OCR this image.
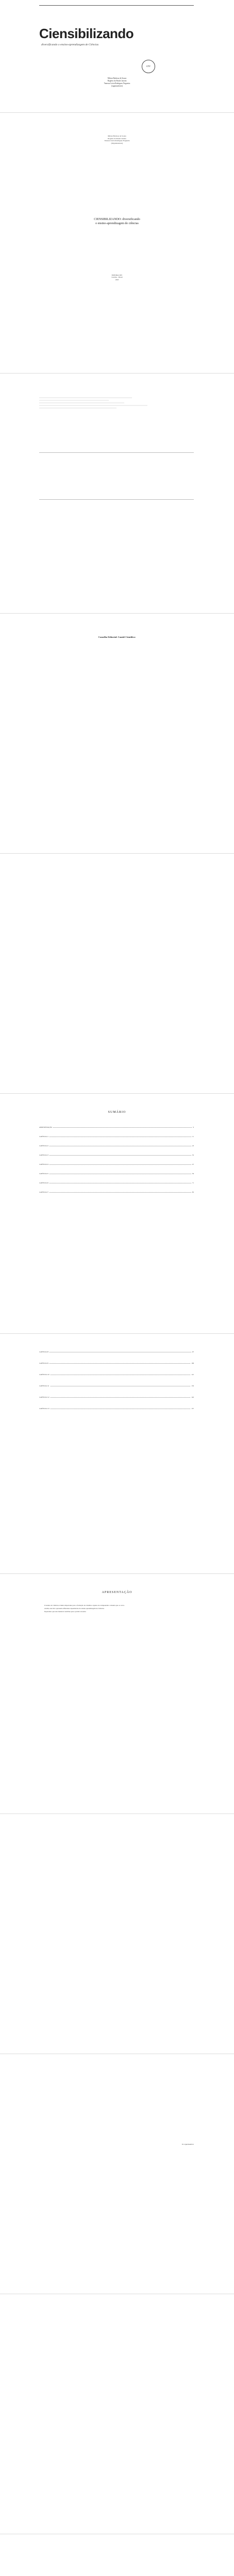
Ciensibilizando
diversificando o ensino-aprendizagem de Ciências
crv
Mírian Barbosa de Souza
Rogério da Paula Caixeta
Vanessa Lúcia Rodrigues Nogueira
(organizadores)
Mírian Barbosa de Souza
Rogério da Paula Caixeta
Vanessa Lúcia Rodrigues Nogueira
(Organizadores)
CIENSIBILIZANDO: diversificando
o ensino-aprendizagem de ciências
EDITORA CRV
Curitiba – Brasil
2020
Conselho Editorial: Comitê Científico:
SUMÁRIO
APRESENTAÇÃO	9
CAPÍTULO 1	11
CAPÍTULO 2	23
CAPÍTULO 3	35
CAPÍTULO 4	47
CAPÍTULO 5	59
CAPÍTULO 6	71
CAPÍTULO 7	85
CAPÍTULO 8	97
CAPÍTULO 9	109
CAPÍTULO 10	121
CAPÍTULO 11	133
CAPÍTULO 12	145
CAPÍTULO 13	157
APRESENTAÇÃO

O ensino de Ciências é muito importante para a formação de cidadãos capazes de compreender o mundo que os cerca.

Assim, este livro apresenta diferentes experiências de ensino-aprendizagem de Ciências.

Esperamos que este material contribua para a prática docente.

Os organizadores
